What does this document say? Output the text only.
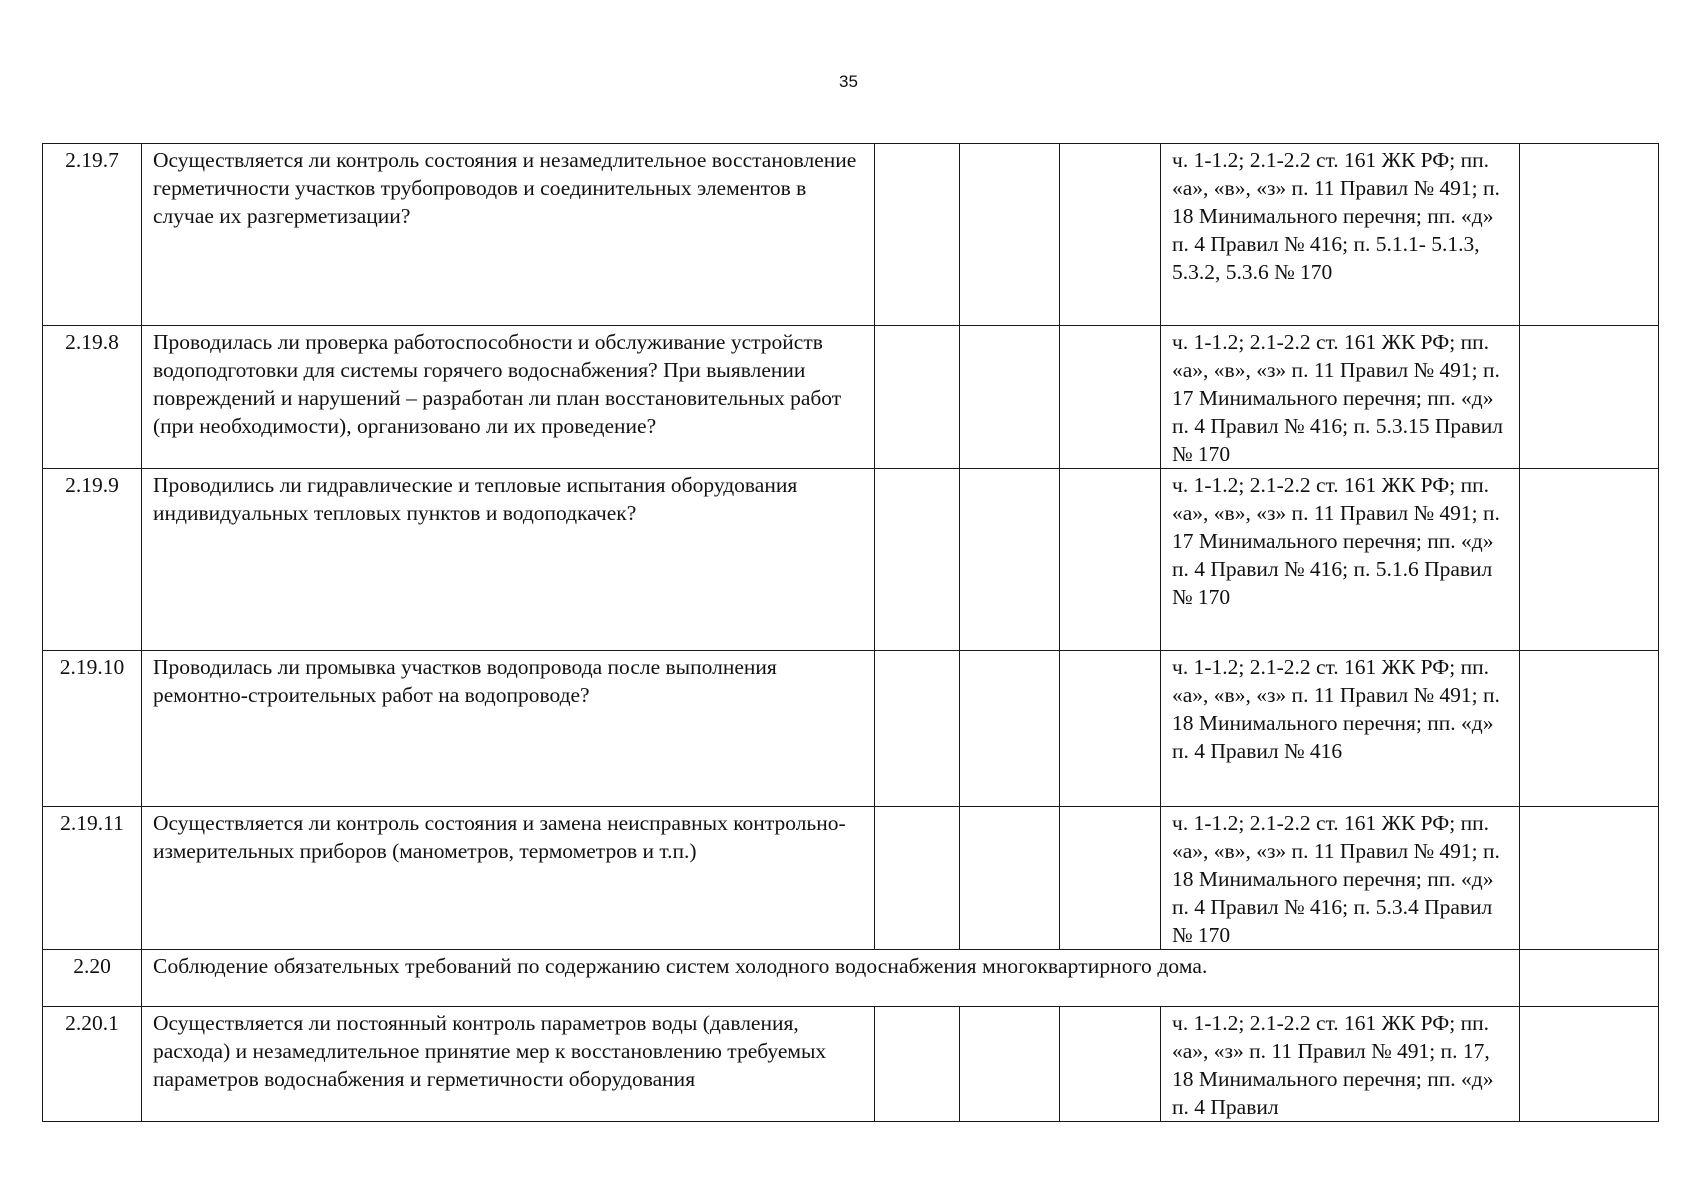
35
2.19.7	Осуществляется ли контроль состояния и незамедлительное восстановление герметичности участков трубопроводов и соединительных элементов в случае их разгерметизации?				ч. 1-1.2; 2.1-2.2 ст. 161 ЖК РФ; пп. «а», «в», «з» п. 11 Правил № 491; п. 18 Минимального перечня; пп. «д» п. 4 Правил № 416; п. 5.1.1- 5.1.3, 5.3.2, 5.3.6 № 170	
2.19.8	Проводилась ли проверка работоспособности и обслуживание устройств водоподготовки для системы горячего водоснабжения? При выявлении повреждений и нарушений – разработан ли план восстановительных работ (при необходимости), организовано ли их проведение?				ч. 1-1.2; 2.1-2.2 ст. 161 ЖК РФ; пп. «а», «в», «з» п. 11 Правил № 491; п. 17 Минимального перечня; пп. «д» п. 4 Правил № 416; п. 5.3.15 Правил № 170	
2.19.9	Проводились ли гидравлические и тепловые испытания оборудования индивидуальных тепловых пунктов и водоподкачек?				ч. 1-1.2; 2.1-2.2 ст. 161 ЖК РФ; пп. «а», «в», «з» п. 11 Правил № 491; п. 17 Минимального перечня; пп. «д» п. 4 Правил № 416; п. 5.1.6 Правил № 170	
2.19.10	Проводилась ли промывка участков водопровода после выполнения ремонтно-строительных работ на водопроводе?				ч. 1-1.2; 2.1-2.2 ст. 161 ЖК РФ; пп. «а», «в», «з» п. 11 Правил № 491; п. 18 Минимального перечня; пп. «д» п. 4 Правил № 416	
2.19.11	Осуществляется ли контроль состояния и замена неисправных контрольно-измерительных приборов (манометров, термометров и т.п.)				ч. 1-1.2; 2.1-2.2 ст. 161 ЖК РФ; пп. «а», «в», «з» п. 11 Правил № 491; п. 18 Минимального перечня; пп. «д» п. 4 Правил № 416; п. 5.3.4 Правил № 170	
2.20	Соблюдение обязательных требований по содержанию систем холодного водоснабжения многоквартирного дома.					
2.20.1	Осуществляется ли постоянный контроль параметров воды (давления, расхода) и незамедлительное принятие мер к восстановлению требуемых параметров водоснабжения и герметичности оборудования				ч. 1-1.2; 2.1-2.2 ст. 161 ЖК РФ; пп. «а», «з» п. 11 Правил № 491; п. 17, 18 Минимального перечня; пп. «д» п. 4 Правил	
